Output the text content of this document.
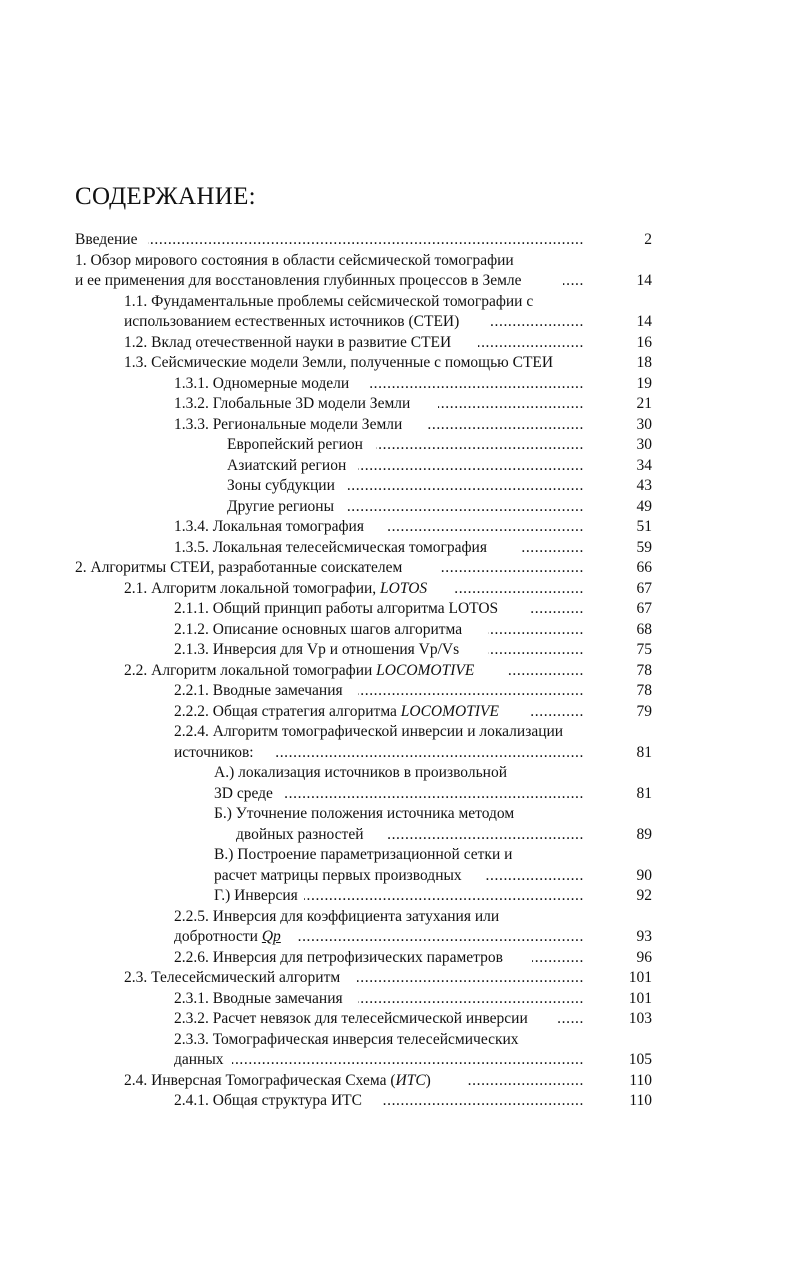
СОДЕРЖАНИЕ:
Введение .....	2
1. Обзор мирового состояния в области сейсмической томографии
и ее применения для восстановления глубинных процессов в Земле .....	14
1.1. Фундаментальные проблемы сейсмической томографии с
использованием естественных источников (СТЕИ) .....	14
1.2. Вклад отечественной науки в развитие СТЕИ .....	16
1.3. Сейсмические модели Земли, полученные с помощью СТЕИ	18
1.3.1. Одномерные модели .....	19
1.3.2. Глобальные 3D модели Земли .....	21
1.3.3. Региональные модели Земли .....	30
Европейский регион .....	30
Азиатский регион .....	34
Зоны субдукции .....	43
Другие регионы .....	49
1.3.4. Локальная томография .....	51
1.3.5. Локальная телесейсмическая томография .....	59
2. Алгоритмы СТЕИ, разработанные соискателем .....	66
2.1. Алгоритм локальной томографии, LOTOS .....	67
2.1.1. Общий принцип работы алгоритма LOTOS .....	67
2.1.2. Описание основных шагов алгоритма .....	68
2.1.3. Инверсия для Vp и отношения Vp/Vs .....	75
2.2. Алгоритм локальной томографии LOCOMOTIVE .....	78
2.2.1. Вводные замечания .....	78
2.2.2. Общая стратегия алгоритма LOCOMOTIVE .....	79
2.2.4. Алгоритм томографической инверсии и локализации
источников: .....	81
А.) локализация источников в произвольной
3D среде .....	81
Б.) Уточнение положения источника методом
двойных разностей .....	89
В.) Построение параметризационной сетки и
расчет матрицы первых производных .....	90
Г.) Инверсия .....	92
2.2.5. Инверсия для коэффициента затухания или
добротности Qp .....	93
2.2.6. Инверсия для петрофизических параметров .....	96
2.3. Телесейсмический алгоритм .....	101
2.3.1. Вводные замечания .....	101
2.3.2. Расчет невязок для телесейсмической инверсии .....	103
2.3.3. Томографическая инверсия телесейсмических
данных .....	105
2.4. Инверсная Томографическая Схема (ИТС) .....	110
2.4.1. Общая структура ИТС .....	110
